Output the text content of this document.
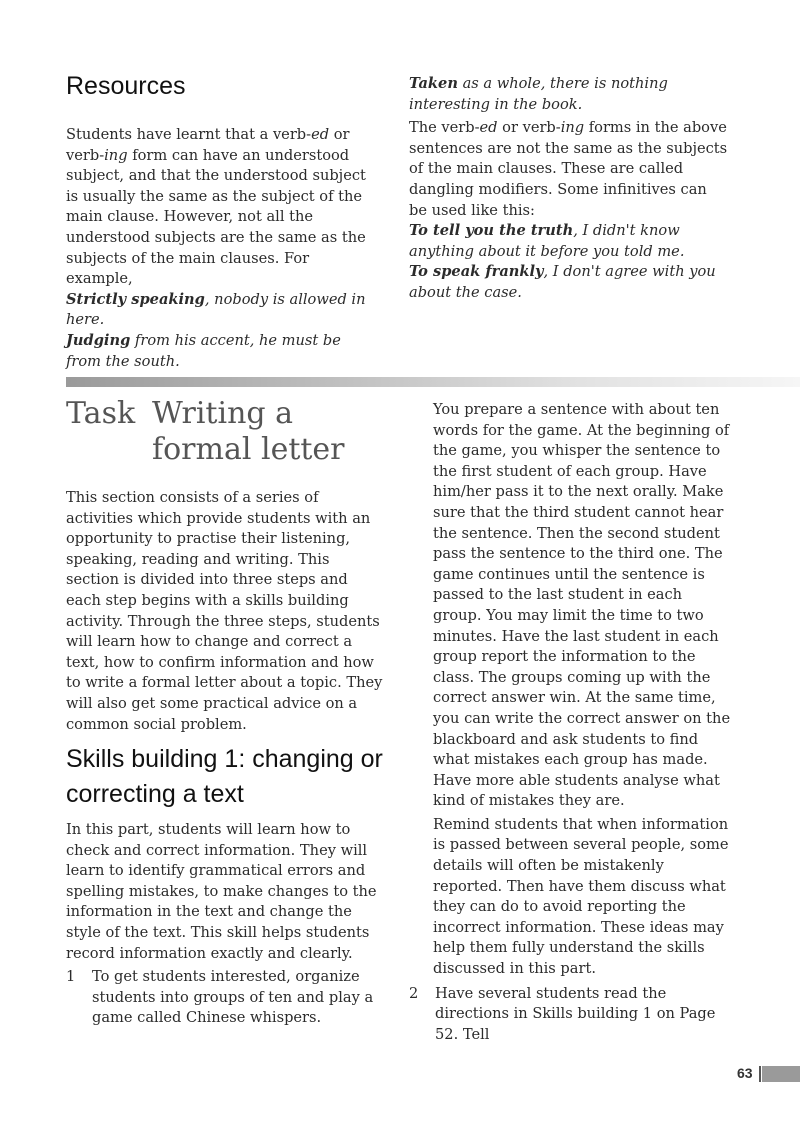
Resources

Students have learnt that a verb-ed or verb-ing form can have an understood subject, and that the understood subject is usually the same as the subject of the main clause. However, not all the understood subjects are the same as the subjects of the main clauses. For example,

Strictly speaking, nobody is allowed in here.

Judging from his accent, he must be from the south.

Taken as a whole, there is nothing interesting in the book.

The verb-ed or verb-ing forms in the above sentences are not the same as the subjects of the main clauses. These are called dangling modifiers. Some infinitives can be used like this:

To tell you the truth, I didn't know anything about it before you told me.

To speak frankly, I don't agree with you about the case.

Task Writing a
formal letter

This section consists of a series of activities which provide students with an opportunity to practise their listening, speaking, reading and writing. This section is divided into three steps and each step begins with a skills building activity. Through the three steps, students will learn how to change and correct a text, how to confirm information and how to write a formal letter about a topic. They will also get some practical advice on a common social problem.

Skills building 1: changing or correcting a text

In this part, students will learn how to check and correct information. They will learn to identify grammatical errors and spelling mistakes, to make changes to the information in the text and change the style of the text. This skill helps students record information exactly and clearly.

1	To get students interested, organize students into groups of ten and play a game called Chinese whispers.

You prepare a sentence with about ten words for the game. At the beginning of the game, you whisper the sentence to the first student of each group. Have him/her pass it to the next orally. Make sure that the third student cannot hear the sentence. Then the second student pass the sentence to the third one. The game continues until the sentence is passed to the last student in each group. You may limit the time to two minutes. Have the last student in each group report the information to the class. The groups coming up with the correct answer win. At the same time, you can write the correct answer on the blackboard and ask students to find what mistakes each group has made. Have more able students analyse what kind of mistakes they are.

Remind students that when information is passed between several people, some details will often be mistakenly reported. Then have them discuss what they can do to avoid reporting the incorrect information. These ideas may help them fully understand the skills discussed in this part.

2	Have several students read the directions in Skills building 1 on Page 52. Tell
63
